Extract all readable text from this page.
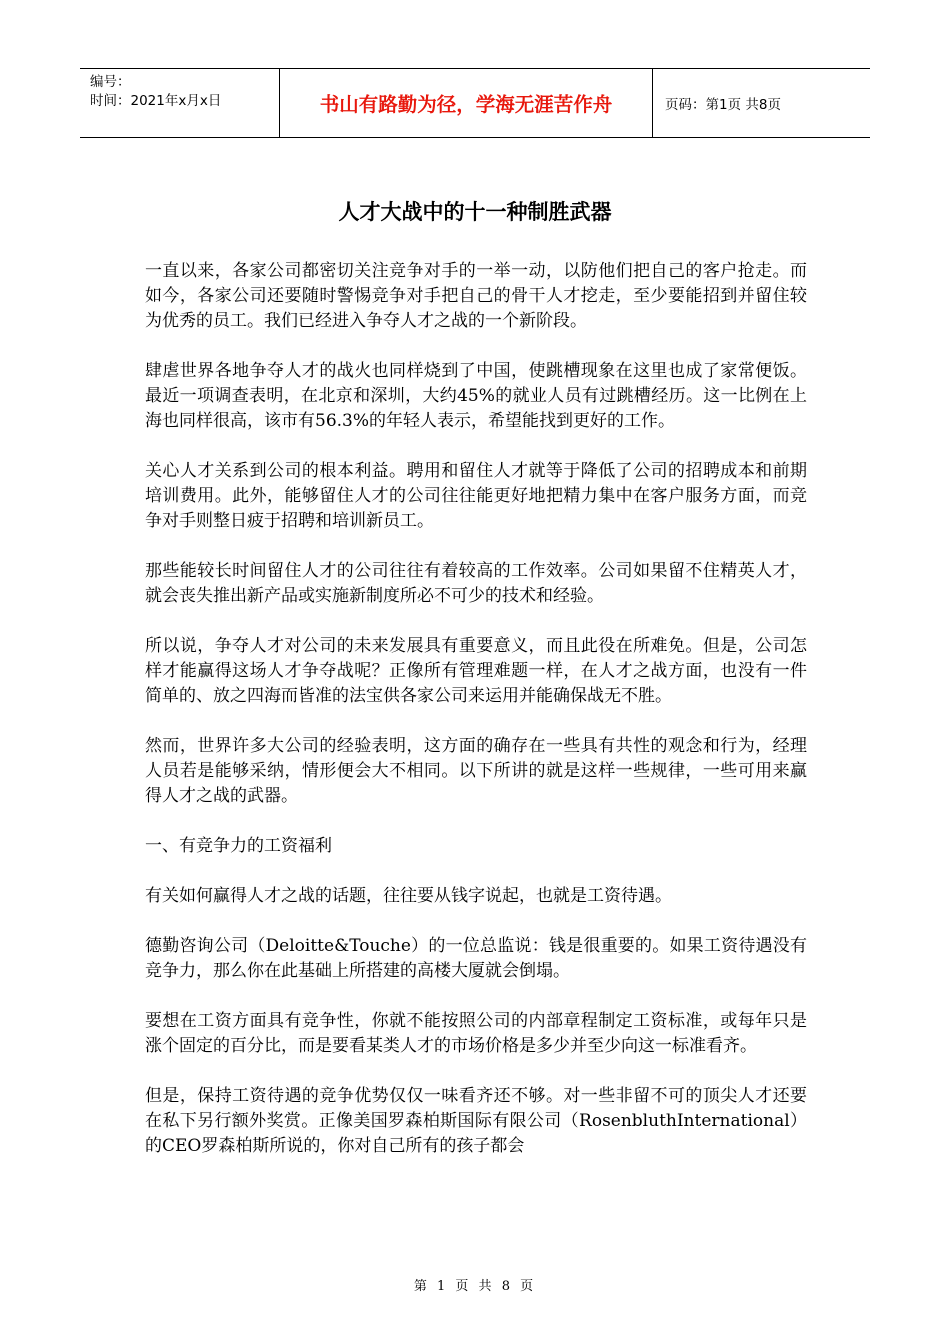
编号：
时间：2021年x月x日	书山有路勤为径，学海无涯苦作舟	页码：第1页 共8页
人才大战中的十一种制胜武器

一直以来，各家公司都密切关注竞争对手的一举一动，以防他们把自己的客户抢走。而如今，各家公司还要随时警惕竞争对手把自己的骨干人才挖走，至少要能招到并留住较为优秀的员工。我们已经进入争夺人才之战的一个新阶段。

肆虐世界各地争夺人才的战火也同样烧到了中国，使跳槽现象在这里也成了家常便饭。最近一项调查表明，在北京和深圳，大约45%的就业人员有过跳槽经历。这一比例在上海也同样很高，该市有56.3%的年轻人表示，希望能找到更好的工作。

关心人才关系到公司的根本利益。聘用和留住人才就等于降低了公司的招聘成本和前期培训费用。此外，能够留住人才的公司往往能更好地把精力集中在客户服务方面，而竞争对手则整日疲于招聘和培训新员工。

那些能较长时间留住人才的公司往往有着较高的工作效率。公司如果留不住精英人才，就会丧失推出新产品或实施新制度所必不可少的技术和经验。

所以说，争夺人才对公司的未来发展具有重要意义，而且此役在所难免。但是，公司怎样才能赢得这场人才争夺战呢？正像所有管理难题一样，在人才之战方面，也没有一件简单的、放之四海而皆准的法宝供各家公司来运用并能确保战无不胜。

然而，世界许多大公司的经验表明，这方面的确存在一些具有共性的观念和行为，经理人员若是能够采纳，情形便会大不相同。以下所讲的就是这样一些规律，一些可用来赢得人才之战的武器。

一、有竞争力的工资福利

有关如何赢得人才之战的话题，往往要从钱字说起，也就是工资待遇。

德勤咨询公司（Deloitte&Touche）的一位总监说：钱是很重要的。如果工资待遇没有竞争力，那么你在此基础上所搭建的高楼大厦就会倒塌。

要想在工资方面具有竞争性，你就不能按照公司的内部章程制定工资标准，或每年只是涨个固定的百分比，而是要看某类人才的市场价格是多少并至少向这一标准看齐。

但是，保持工资待遇的竞争优势仅仅一味看齐还不够。对一些非留不可的顶尖人才还要在私下另行额外奖赏。正像美国罗森柏斯国际有限公司（RosenbluthInternational）的CEO罗森柏斯所说的，你对自己所有的孩子都会

第 1 页 共 8 页
